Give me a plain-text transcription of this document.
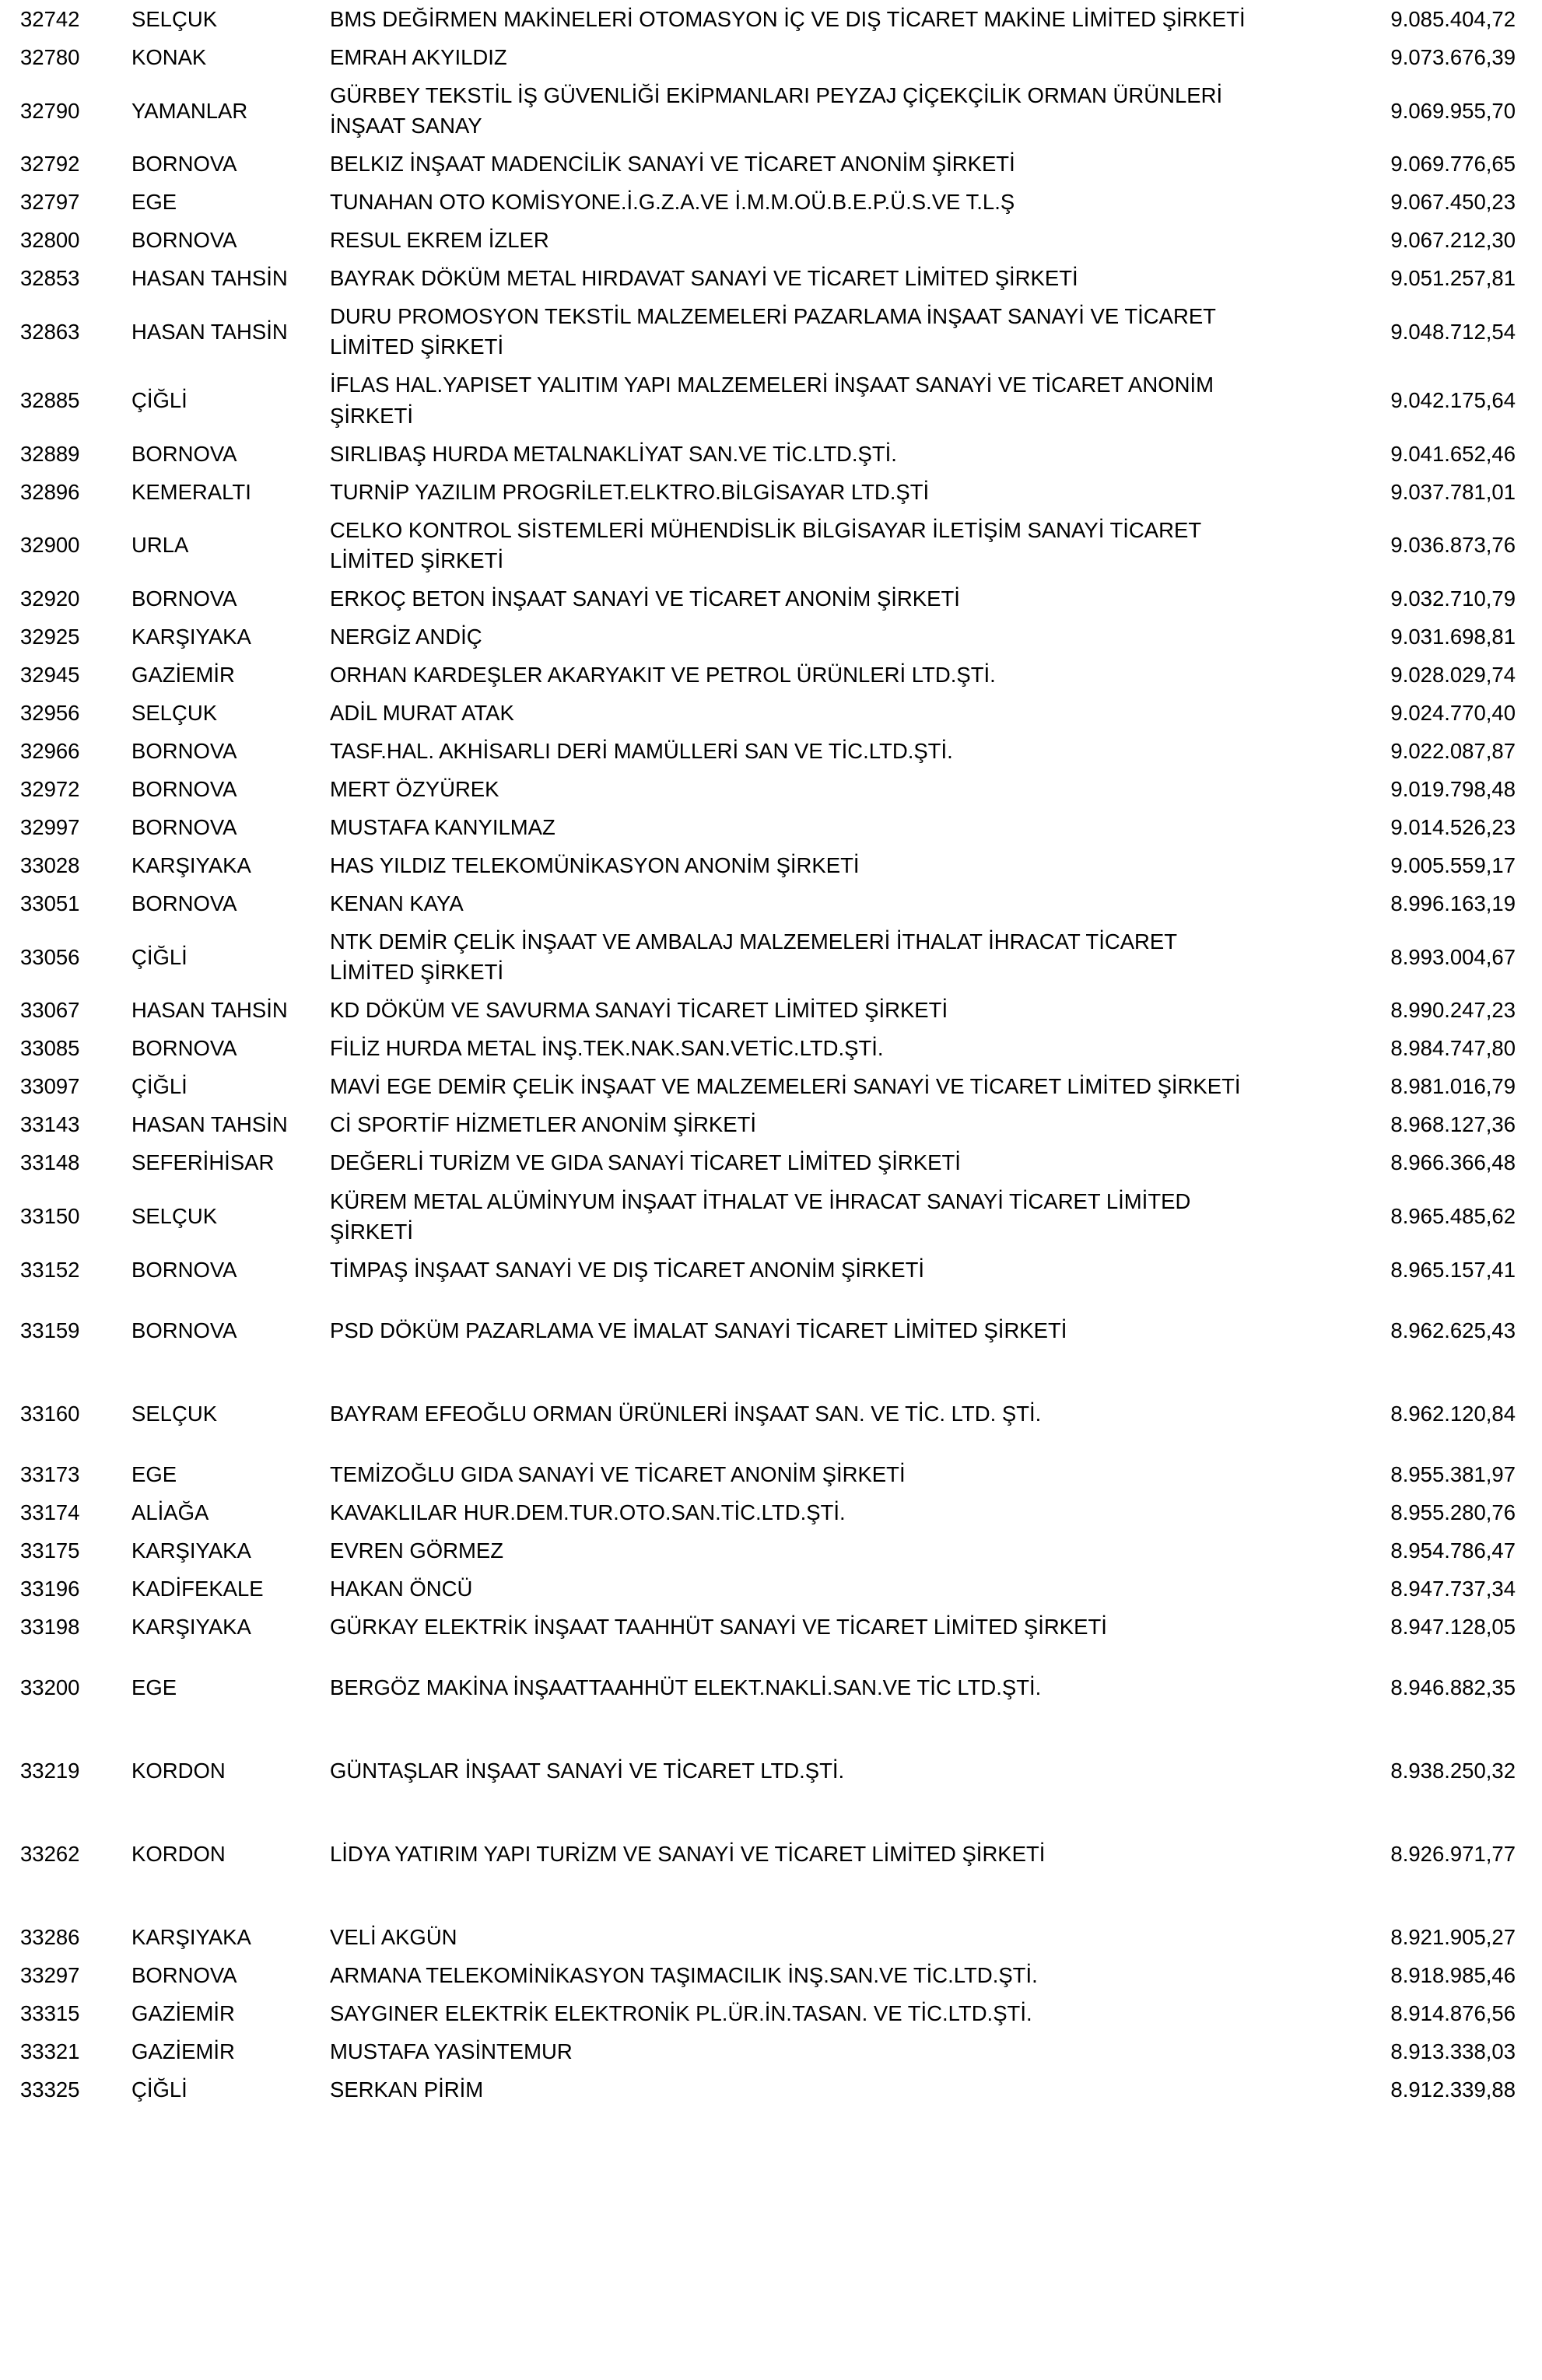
32742	SELÇUK	BMS DEĞİRMEN MAKİNELERİ OTOMASYON İÇ VE DIŞ TİCARET MAKİNE LİMİTED ŞİRKETİ	9.085.404,72
32780	KONAK	EMRAH AKYILDIZ	9.073.676,39
32790	YAMANLAR	GÜRBEY TEKSTİL İŞ GÜVENLİĞİ EKİPMANLARI PEYZAJ ÇİÇEKÇİLİK ORMAN ÜRÜNLERİ İNŞAAT SANAY	9.069.955,70
32792	BORNOVA	BELKIZ İNŞAAT MADENCİLİK SANAYİ VE TİCARET ANONİM ŞİRKETİ	9.069.776,65
32797	EGE	TUNAHAN OTO KOMİSYONE.İ.G.Z.A.VE İ.M.M.OÜ.B.E.P.Ü.S.VE T.L.Ş	9.067.450,23
32800	BORNOVA	RESUL EKREM İZLER	9.067.212,30
32853	HASAN TAHSİN	BAYRAK DÖKÜM METAL HIRDAVAT SANAYİ VE TİCARET LİMİTED ŞİRKETİ	9.051.257,81
32863	HASAN TAHSİN	DURU PROMOSYON TEKSTİL MALZEMELERİ PAZARLAMA İNŞAAT SANAYİ VE TİCARET LİMİTED ŞİRKETİ	9.048.712,54
32885	ÇİĞLİ	İFLAS HAL.YAPISET YALITIM YAPI MALZEMELERİ İNŞAAT SANAYİ VE TİCARET ANONİM ŞİRKETİ	9.042.175,64
32889	BORNOVA	SIRLIBAŞ HURDA METALNAKLİYAT SAN.VE TİC.LTD.ŞTİ.	9.041.652,46
32896	KEMERALTI	TURNİP YAZILIM PROGRİLET.ELKTRO.BİLGİSAYAR LTD.ŞTİ	9.037.781,01
32900	URLA	CELKO KONTROL SİSTEMLERİ MÜHENDİSLİK BİLGİSAYAR İLETİŞİM SANAYİ TİCARET LİMİTED ŞİRKETİ	9.036.873,76
32920	BORNOVA	ERKOÇ BETON İNŞAAT SANAYİ VE TİCARET ANONİM ŞİRKETİ	9.032.710,79
32925	KARŞIYAKA	NERGİZ ANDİÇ	9.031.698,81
32945	GAZİEMİR	ORHAN KARDEŞLER AKARYAKIT VE PETROL ÜRÜNLERİ LTD.ŞTİ.	9.028.029,74
32956	SELÇUK	ADİL MURAT ATAK	9.024.770,40
32966	BORNOVA	TASF.HAL. AKHİSARLI DERİ MAMÜLLERİ SAN VE TİC.LTD.ŞTİ.	9.022.087,87
32972	BORNOVA	MERT ÖZYÜREK	9.019.798,48
32997	BORNOVA	MUSTAFA KANYILMAZ	9.014.526,23
33028	KARŞIYAKA	HAS YILDIZ TELEKOMÜNİKASYON ANONİM ŞİRKETİ	9.005.559,17
33051	BORNOVA	KENAN KAYA	8.996.163,19
33056	ÇİĞLİ	NTK DEMİR ÇELİK İNŞAAT VE AMBALAJ MALZEMELERİ İTHALAT İHRACAT TİCARET LİMİTED ŞİRKETİ	8.993.004,67
33067	HASAN TAHSİN	KD DÖKÜM VE SAVURMA SANAYİ TİCARET LİMİTED ŞİRKETİ	8.990.247,23
33085	BORNOVA	FİLİZ HURDA METAL İNŞ.TEK.NAK.SAN.VETİC.LTD.ŞTİ.	8.984.747,80
33097	ÇİĞLİ	MAVİ EGE DEMİR ÇELİK İNŞAAT VE MALZEMELERİ SANAYİ VE TİCARET LİMİTED ŞİRKETİ	8.981.016,79
33143	HASAN TAHSİN	Cİ SPORTİF HİZMETLER ANONİM ŞİRKETİ	8.968.127,36
33148	SEFERİHİSAR	DEĞERLİ TURİZM VE GIDA SANAYİ TİCARET LİMİTED ŞİRKETİ	8.966.366,48
33150	SELÇUK	KÜREM METAL ALÜMİNYUM İNŞAAT İTHALAT VE İHRACAT SANAYİ TİCARET LİMİTED ŞİRKETİ	8.965.485,62
33152	BORNOVA	TİMPAŞ İNŞAAT SANAYİ VE DIŞ TİCARET ANONİM ŞİRKETİ	8.965.157,41
33159	BORNOVA	PSD DÖKÜM PAZARLAMA VE İMALAT SANAYİ TİCARET LİMİTED ŞİRKETİ	8.962.625,43
33160	SELÇUK	BAYRAM EFEOĞLU ORMAN ÜRÜNLERİ İNŞAAT SAN. VE TİC. LTD. ŞTİ.	8.962.120,84
33173	EGE	TEMİZOĞLU GIDA SANAYİ VE TİCARET ANONİM ŞİRKETİ	8.955.381,97
33174	ALİAĞA	KAVAKLILAR HUR.DEM.TUR.OTO.SAN.TİC.LTD.ŞTİ.	8.955.280,76
33175	KARŞIYAKA	EVREN GÖRMEZ	8.954.786,47
33196	KADİFEKALE	HAKAN ÖNCÜ	8.947.737,34
33198	KARŞIYAKA	GÜRKAY ELEKTRİK İNŞAAT TAAHHÜT SANAYİ VE TİCARET LİMİTED ŞİRKETİ	8.947.128,05
33200	EGE	BERGÖZ MAKİNA İNŞAATTAAHHÜT ELEKT.NAKLİ.SAN.VE TİC LTD.ŞTİ.	8.946.882,35
33219	KORDON	GÜNTAŞLAR İNŞAAT SANAYİ VE TİCARET LTD.ŞTİ.	8.938.250,32
33262	KORDON	LİDYA YATIRIM YAPI TURİZM VE SANAYİ VE TİCARET LİMİTED ŞİRKETİ	8.926.971,77
33286	KARŞIYAKA	VELİ AKGÜN	8.921.905,27
33297	BORNOVA	ARMANA TELEKOMİNİKASYON TAŞIMACILIK İNŞ.SAN.VE TİC.LTD.ŞTİ.	8.918.985,46
33315	GAZİEMİR	SAYGINER ELEKTRİK ELEKTRONİK PL.ÜR.İN.TASAN. VE TİC.LTD.ŞTİ.	8.914.876,56
33321	GAZİEMİR	MUSTAFA YASİNTEMUR	8.913.338,03
33325	ÇİĞLİ	SERKAN PİRİM	8.912.339,88
